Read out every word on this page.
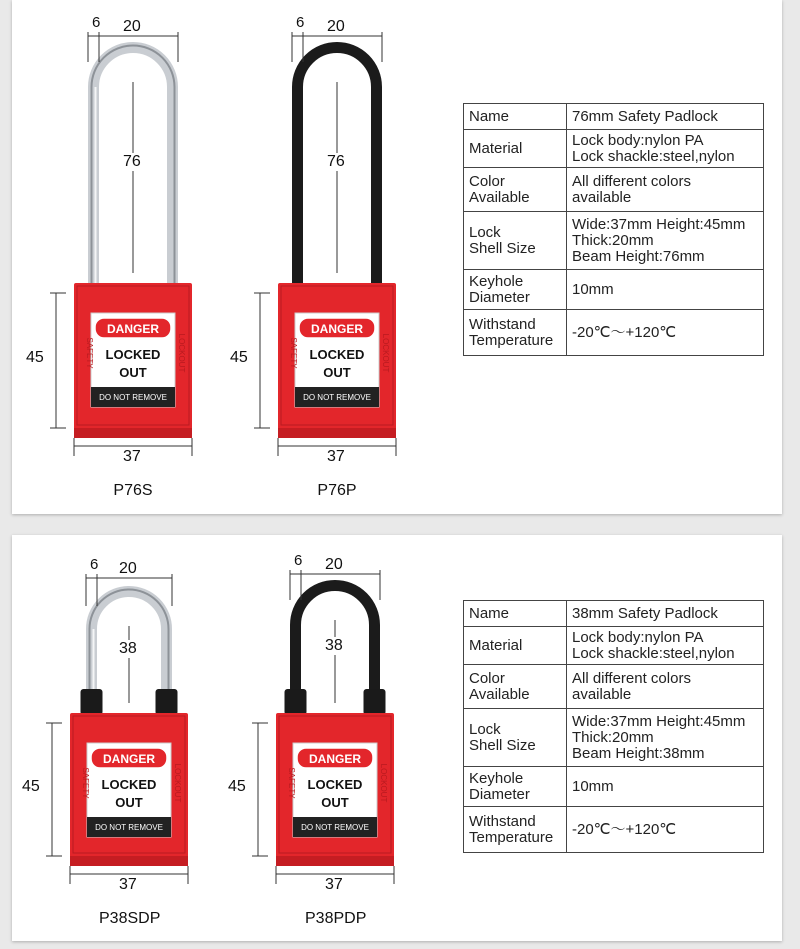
Name	76mm Safety Padlock
Material	Lock body:nylon PA
Lock shackle:steel,nylon
Color
Available	All different colors
available
Lock
Shell Size	Wide:37mm Height:45mm
Thick:20mm
Beam Height:76mm
Keyhole
Diameter	10mm
Withstand
Temperature	-20℃～+120℃
Name	38mm Safety Padlock
Material	Lock body:nylon PA
Lock shackle:steel,nylon
Color
Available	All different colors
available
Lock
Shell Size	Wide:37mm Height:45mm
Thick:20mm
Beam Height:38mm
Keyhole
Diameter	10mm
Withstand
Temperature	-20℃～+120℃
DANGER
LOCKED
OUT
DO NOT REMOVE
SAFETY	LOCKOUT
6 20
76
45
37
P76S
DANGER
LOCKED
OUT
DO NOT REMOVE
SAFETY	LOCKOUT
6 20
76
45
37
P76P
DANGER
LOCKED
OUT
DO NOT REMOVE
SAFETY	LOCKOUT
6 20
38
45
37
P38SDP
DANGER
LOCKED
OUT
DO NOT REMOVE
SAFETY	LOCKOUT
6 20
38
45
37
P38PDP
